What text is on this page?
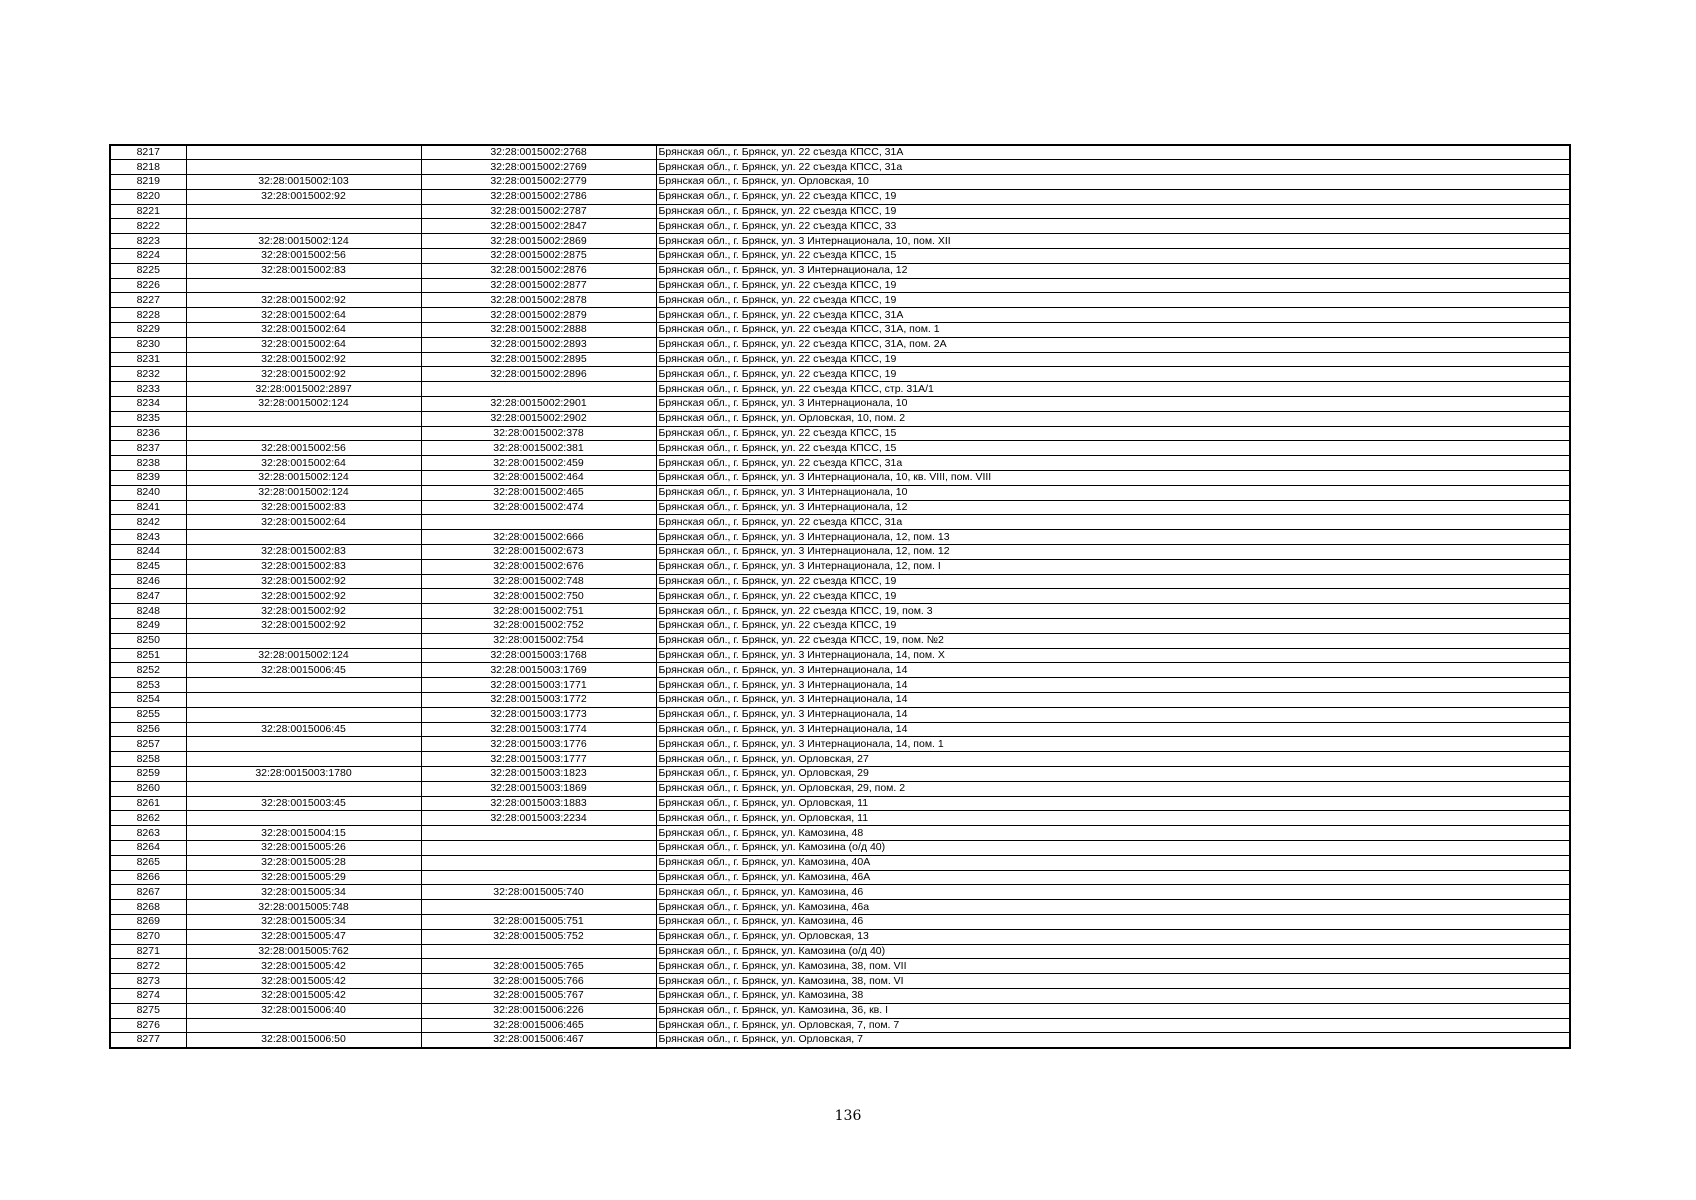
8217		32:28:0015002:2768	Брянская обл., г. Брянск, ул. 22 съезда КПСС, 31А
8218		32:28:0015002:2769	Брянская обл., г. Брянск, ул. 22 съезда КПСС, 31а
8219	32:28:0015002:103	32:28:0015002:2779	Брянская обл., г. Брянск, ул. Орловская, 10
8220	32:28:0015002:92	32:28:0015002:2786	Брянская обл., г. Брянск, ул. 22 съезда КПСС, 19
8221		32:28:0015002:2787	Брянская обл., г. Брянск, ул. 22 съезда КПСС, 19
8222		32:28:0015002:2847	Брянская обл., г. Брянск, ул. 22 съезда КПСС, 33
8223	32:28:0015002:124	32:28:0015002:2869	Брянская обл., г. Брянск, ул. 3 Интернационала, 10, пом. XII
8224	32:28:0015002:56	32:28:0015002:2875	Брянская обл., г. Брянск, ул. 22 съезда КПСС, 15
8225	32:28:0015002:83	32:28:0015002:2876	Брянская обл., г. Брянск, ул. 3 Интернационала, 12
8226		32:28:0015002:2877	Брянская обл., г. Брянск, ул. 22 съезда КПСС, 19
8227	32:28:0015002:92	32:28:0015002:2878	Брянская обл., г. Брянск, ул. 22 съезда КПСС, 19
8228	32:28:0015002:64	32:28:0015002:2879	Брянская обл., г. Брянск, ул. 22 съезда КПСС, 31А
8229	32:28:0015002:64	32:28:0015002:2888	Брянская обл., г. Брянск, ул. 22 съезда КПСС, 31А, пом. 1
8230	32:28:0015002:64	32:28:0015002:2893	Брянская обл., г. Брянск, ул. 22 съезда КПСС, 31А, пом. 2А
8231	32:28:0015002:92	32:28:0015002:2895	Брянская обл., г. Брянск, ул. 22 съезда КПСС, 19
8232	32:28:0015002:92	32:28:0015002:2896	Брянская обл., г. Брянск, ул. 22 съезда КПСС, 19
8233	32:28:0015002:2897		Брянская обл., г. Брянск, ул. 22 съезда КПСС, стр. 31А/1
8234	32:28:0015002:124	32:28:0015002:2901	Брянская обл., г. Брянск, ул. 3 Интернационала, 10
8235		32:28:0015002:2902	Брянская обл., г. Брянск, ул. Орловская, 10, пом. 2
8236		32:28:0015002:378	Брянская обл., г. Брянск, ул. 22 съезда КПСС, 15
8237	32:28:0015002:56	32:28:0015002:381	Брянская обл., г. Брянск, ул. 22 съезда КПСС, 15
8238	32:28:0015002:64	32:28:0015002:459	Брянская обл., г. Брянск, ул. 22 съезда КПСС, 31а
8239	32:28:0015002:124	32:28:0015002:464	Брянская обл., г. Брянск, ул. 3 Интернационала, 10, кв. VIII, пом. VIII
8240	32:28:0015002:124	32:28:0015002:465	Брянская обл., г. Брянск, ул. 3 Интернационала, 10
8241	32:28:0015002:83	32:28:0015002:474	Брянская обл., г. Брянск, ул. 3 Интернационала, 12
8242	32:28:0015002:64		Брянская обл., г. Брянск, ул. 22 съезда КПСС, 31а
8243		32:28:0015002:666	Брянская обл., г. Брянск, ул. 3 Интернационала, 12, пом. 13
8244	32:28:0015002:83	32:28:0015002:673	Брянская обл., г. Брянск, ул. 3 Интернационала, 12, пом. 12
8245	32:28:0015002:83	32:28:0015002:676	Брянская обл., г. Брянск, ул. 3 Интернационала, 12, пом. I
8246	32:28:0015002:92	32:28:0015002:748	Брянская обл., г. Брянск, ул. 22 съезда КПСС, 19
8247	32:28:0015002:92	32:28:0015002:750	Брянская обл., г. Брянск, ул. 22 съезда КПСС, 19
8248	32:28:0015002:92	32:28:0015002:751	Брянская обл., г. Брянск, ул. 22 съезда КПСС, 19, пом. 3
8249	32:28:0015002:92	32:28:0015002:752	Брянская обл., г. Брянск, ул. 22 съезда КПСС, 19
8250		32:28:0015002:754	Брянская обл., г. Брянск, ул. 22 съезда КПСС, 19, пом. №2
8251	32:28:0015002:124	32:28:0015003:1768	Брянская обл., г. Брянск, ул. 3 Интернационала, 14, пом. X
8252	32:28:0015006:45	32:28:0015003:1769	Брянская обл., г. Брянск, ул. 3 Интернационала, 14
8253		32:28:0015003:1771	Брянская обл., г. Брянск, ул. 3 Интернационала, 14
8254		32:28:0015003:1772	Брянская обл., г. Брянск, ул. 3 Интернационала, 14
8255		32:28:0015003:1773	Брянская обл., г. Брянск, ул. 3 Интернационала, 14
8256	32:28:0015006:45	32:28:0015003:1774	Брянская обл., г. Брянск, ул. 3 Интернационала, 14
8257		32:28:0015003:1776	Брянская обл., г. Брянск, ул. 3 Интернационала, 14, пом. 1
8258		32:28:0015003:1777	Брянская обл., г. Брянск, ул. Орловская, 27
8259	32:28:0015003:1780	32:28:0015003:1823	Брянская обл., г. Брянск, ул. Орловская, 29
8260		32:28:0015003:1869	Брянская обл., г. Брянск, ул. Орловская, 29, пом. 2
8261	32:28:0015003:45	32:28:0015003:1883	Брянская обл., г. Брянск, ул. Орловская, 11
8262		32:28:0015003:2234	Брянская обл., г. Брянск, ул. Орловская, 11
8263	32:28:0015004:15		Брянская обл., г. Брянск, ул. Камозина, 48
8264	32:28:0015005:26		Брянская обл., г. Брянск, ул. Камозина (о/д 40)
8265	32:28:0015005:28		Брянская обл., г. Брянск, ул. Камозина, 40А
8266	32:28:0015005:29		Брянская обл., г. Брянск, ул. Камозина, 46А
8267	32:28:0015005:34	32:28:0015005:740	Брянская обл., г. Брянск, ул. Камозина, 46
8268	32:28:0015005:748		Брянская обл., г. Брянск, ул. Камозина, 46а
8269	32:28:0015005:34	32:28:0015005:751	Брянская обл., г. Брянск, ул. Камозина, 46
8270	32:28:0015005:47	32:28:0015005:752	Брянская обл., г. Брянск, ул. Орловская, 13
8271	32:28:0015005:762		Брянская обл., г. Брянск, ул. Камозина (о/д 40)
8272	32:28:0015005:42	32:28:0015005:765	Брянская обл., г. Брянск, ул. Камозина, 38, пом. VII
8273	32:28:0015005:42	32:28:0015005:766	Брянская обл., г. Брянск, ул. Камозина, 38, пом. VI
8274	32:28:0015005:42	32:28:0015005:767	Брянская обл., г. Брянск, ул. Камозина, 38
8275	32:28:0015006:40	32:28:0015006:226	Брянская обл., г. Брянск, ул. Камозина, 36, кв. I
8276		32:28:0015006:465	Брянская обл., г. Брянск, ул. Орловская, 7, пом. 7
8277	32:28:0015006:50	32:28:0015006:467	Брянская обл., г. Брянск, ул. Орловская, 7
136
